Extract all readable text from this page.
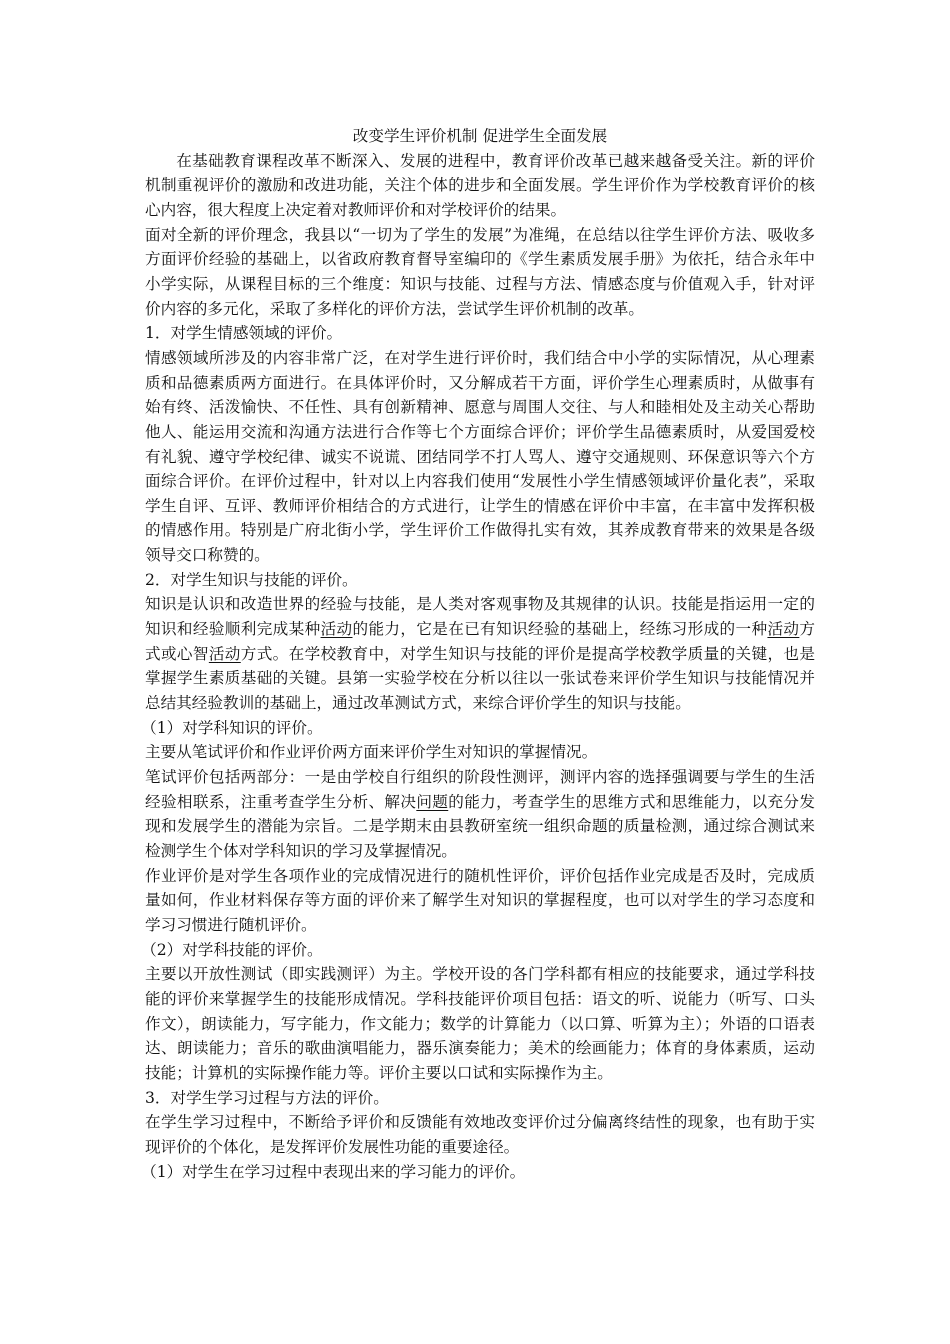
改变学生评价机制 促进学生全面发展

在基础教育课程改革不断深入、发展的进程中，教育评价改革已越来越备受关注。新的评价机制重视评价的激励和改进功能，关注个体的进步和全面发展。学生评价作为学校教育评价的核心内容，很大程度上决定着对教师评价和对学校评价的结果。

面对全新的评价理念，我县以“一切为了学生的发展”为准绳，在总结以往学生评价方法、吸收多方面评价经验的基础上，以省政府教育督导室编印的《学生素质发展手册》为依托，结合永年中小学实际，从课程目标的三个维度：知识与技能、过程与方法、情感态度与价值观入手，针对评价内容的多元化，采取了多样化的评价方法，尝试学生评价机制的改革。

1．对学生情感领域的评价。

情感领域所涉及的内容非常广泛，在对学生进行评价时，我们结合中小学的实际情况，从心理素质和品德素质两方面进行。在具体评价时，又分解成若干方面，评价学生心理素质时，从做事有始有终、活泼愉快、不任性、具有创新精神、愿意与周围人交往、与人和睦相处及主动关心帮助他人、能运用交流和沟通方法进行合作等七个方面综合评价；评价学生品德素质时，从爱国爱校有礼貌、遵守学校纪律、诚实不说谎、团结同学不打人骂人、遵守交通规则、环保意识等六个方面综合评价。在评价过程中，针对以上内容我们使用“发展性小学生情感领域评价量化表”，采取学生自评、互评、教师评价相结合的方式进行，让学生的情感在评价中丰富，在丰富中发挥积极的情感作用。特别是广府北街小学，学生评价工作做得扎实有效，其养成教育带来的效果是各级领导交口称赞的。

2．对学生知识与技能的评价。

知识是认识和改造世界的经验与技能，是人类对客观事物及其规律的认识。技能是指运用一定的知识和经验顺利完成某种活动的能力，它是在已有知识经验的基础上，经练习形成的一种活动方式或心智活动方式。在学校教育中，对学生知识与技能的评价是提高学校教学质量的关键，也是掌握学生素质基础的关键。县第一实验学校在分析以往以一张试卷来评价学生知识与技能情况并总结其经验教训的基础上，通过改革测试方式，来综合评价学生的知识与技能。

（1）对学科知识的评价。

主要从笔试评价和作业评价两方面来评价学生对知识的掌握情况。

笔试评价包括两部分：一是由学校自行组织的阶段性测评，测评内容的选择强调要与学生的生活经验相联系，注重考查学生分析、解决问题的能力，考查学生的思维方式和思维能力，以充分发现和发展学生的潜能为宗旨。二是学期末由县教研室统一组织命题的质量检测，通过综合测试来检测学生个体对学科知识的学习及掌握情况。

作业评价是对学生各项作业的完成情况进行的随机性评价，评价包括作业完成是否及时，完成质量如何，作业材料保存等方面的评价来了解学生对知识的掌握程度，也可以对学生的学习态度和学习习惯进行随机评价。

（2）对学科技能的评价。

主要以开放性测试（即实践测评）为主。学校开设的各门学科都有相应的技能要求，通过学科技能的评价来掌握学生的技能形成情况。学科技能评价项目包括：语文的听、说能力（听写、口头作文），朗读能力，写字能力，作文能力；数学的计算能力（以口算、听算为主）；外语的口语表达、朗读能力；音乐的歌曲演唱能力，器乐演奏能力；美术的绘画能力；体育的身体素质，运动技能；计算机的实际操作能力等。评价主要以口试和实际操作为主。

3．对学生学习过程与方法的评价。

在学生学习过程中，不断给予评价和反馈能有效地改变评价过分偏离终结性的现象，也有助于实现评价的个体化，是发挥评价发展性功能的重要途径。

（1）对学生在学习过程中表现出来的学习能力的评价。
